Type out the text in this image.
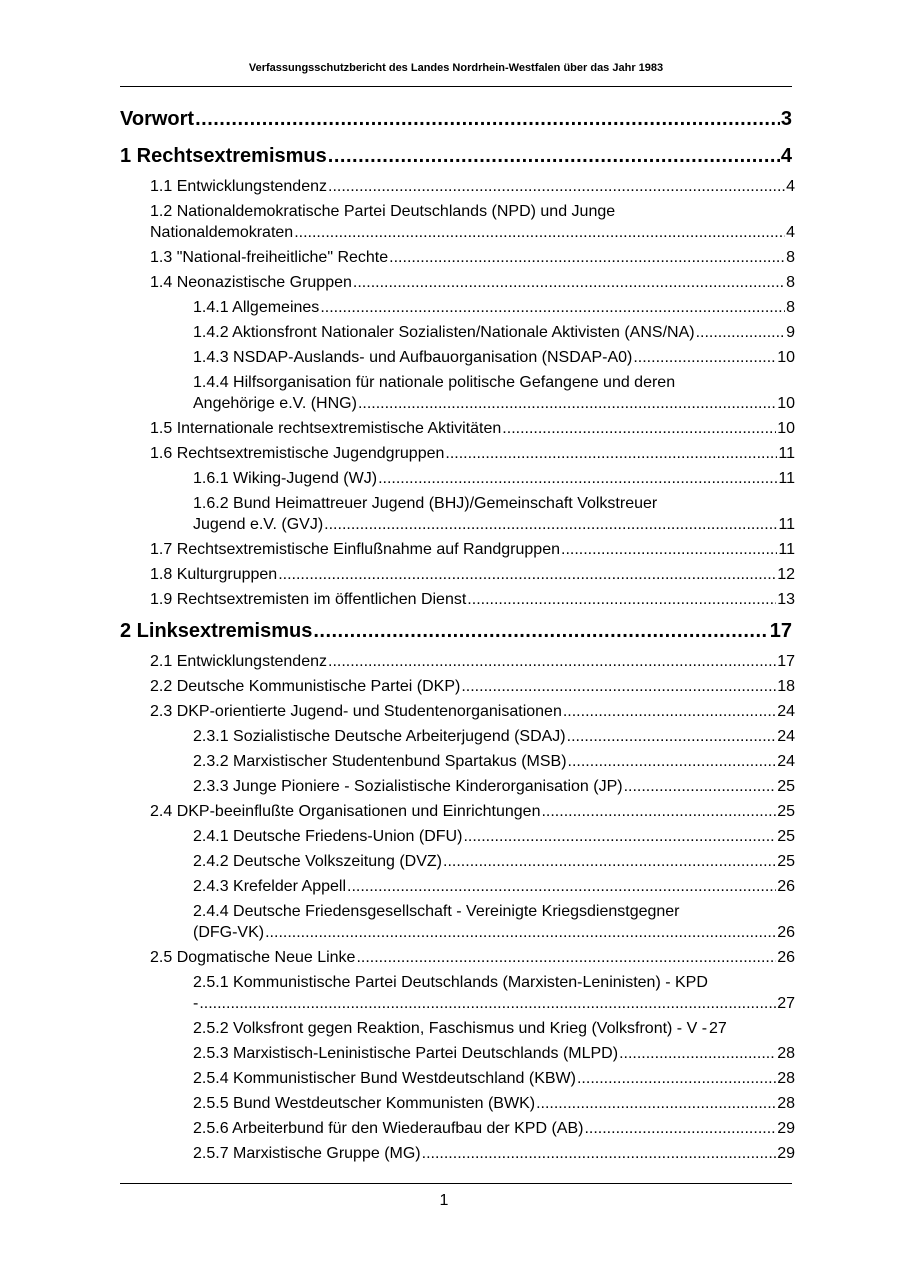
Verfassungsschutzbericht des Landes Nordrhein-Westfalen über das Jahr 1983
Vorwort .....	3
1 Rechtsextremismus .....	4
1.1 Entwicklungstendenz .....	4
1.2 Nationaldemokratische Partei Deutschlands (NPD) und Junge
Nationaldemokraten .....	4
1.3 "National-freiheitliche" Rechte .....	8
1.4 Neonazistische Gruppen .....	8
1.4.1 Allgemeines .....	8
1.4.2 Aktionsfront Nationaler Sozialisten/Nationale Aktivisten (ANS/NA) .....	9
1.4.3 NSDAP-Auslands- und Aufbauorganisation (NSDAP-A0) .....	10
1.4.4 Hilfsorganisation für nationale politische Gefangene und deren
Angehörige e.V. (HNG) .....	10
1.5 Internationale rechtsextremistische Aktivitäten .....	10
1.6 Rechtsextremistische Jugendgruppen .....	11
1.6.1 Wiking-Jugend (WJ) .....	11
1.6.2 Bund Heimattreuer Jugend (BHJ)/Gemeinschaft Volkstreuer
Jugend e.V. (GVJ) .....	11
1.7 Rechtsextremistische Einflußnahme auf Randgruppen .....	11
1.8 Kulturgruppen .....	12
1.9 Rechtsextremisten im öffentlichen Dienst .....	13
2 Linksextremismus .....	17
2.1 Entwicklungstendenz .....	17
2.2 Deutsche Kommunistische Partei (DKP) .....	18
2.3 DKP-orientierte Jugend- und Studentenorganisationen .....	24
2.3.1 Sozialistische Deutsche Arbeiterjugend (SDAJ) .....	24
2.3.2 Marxistischer Studentenbund Spartakus (MSB) .....	24
2.3.3 Junge Pioniere - Sozialistische Kinderorganisation (JP) .....	25
2.4 DKP-beeinflußte Organisationen und Einrichtungen .....	25
2.4.1 Deutsche Friedens-Union (DFU) .....	25
2.4.2 Deutsche Volkszeitung (DVZ) .....	25
2.4.3 Krefelder Appell .....	26
2.4.4 Deutsche Friedensgesellschaft - Vereinigte Kriegsdienstgegner
(DFG-VK) .....	26
2.5 Dogmatische Neue Linke .....	26
2.5.1 Kommunistische Partei Deutschlands (Marxisten-Leninisten) - KPD
- .....	27
2.5.2 Volksfront gegen Reaktion, Faschismus und Krieg (Volksfront) - V - 27
2.5.3 Marxistisch-Leninistische Partei Deutschlands (MLPD) .....	28
2.5.4 Kommunistischer Bund Westdeutschland (KBW) .....	28
2.5.5 Bund Westdeutscher Kommunisten (BWK) .....	28
2.5.6 Arbeiterbund für den Wiederaufbau der KPD (AB) .....	29
2.5.7 Marxistische Gruppe (MG) .....	29
1
